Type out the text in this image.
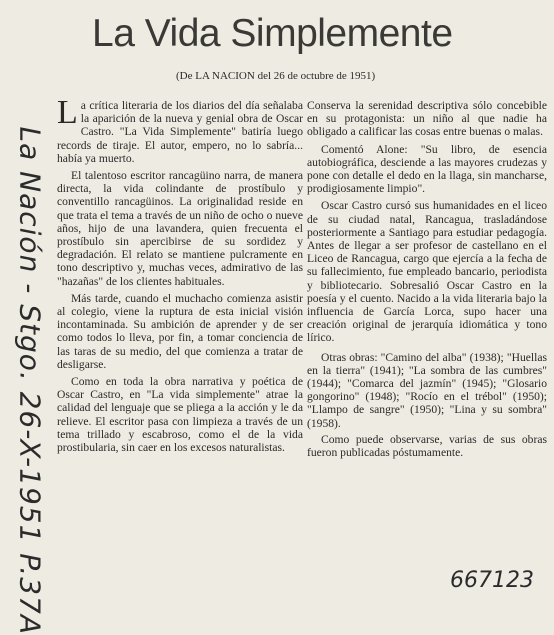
La Vida Simplemente
(De LA NACION del 26 de octubre de 1951)
La Nación - Stgo. 26-X-1951 P.37A

La crítica literaria de los diarios del día señalaba la aparición de la nueva y genial obra de Oscar Castro. "La Vida Simplemente" batiría luego records de tiraje. El autor, empero, no lo sabría... había ya muerto.

El talentoso escritor rancagüino narra, de manera directa, la vida colindante de prostíbulo y conventillo rancagüinos. La originalidad reside en que trata el tema a través de un niño de ocho o nueve años, hijo de una lavandera, quien frecuenta el prostíbulo sin apercibirse de su sordidez y degradación. El relato se mantiene pulcramente en tono descriptivo y, muchas veces, admirativo de las "hazañas" de los clientes habituales.

Más tarde, cuando el muchacho comienza asistir al colegio, viene la ruptura de esta inicial visión incontaminada. Su ambición de aprender y de ser como todos lo lleva, por fin, a tomar conciencia de las taras de su medio, del que comienza a tratar de desligarse.

Como en toda la obra narrativa y poética de Oscar Castro, en "La vida simplemente" atrae la calidad del lenguaje que se pliega a la acción y le da relieve. El escritor pasa con limpieza a través de un tema trillado y escabroso, como el de la vida prostibularia, sin caer en los excesos naturalistas.

Conserva la serenidad descriptiva sólo concebible en su protagonista: un niño al que nadie ha obligado a calificar las cosas entre buenas o malas.

Comentó Alone: "Su libro, de esencia autobiográfica, desciende a las mayores crudezas y pone con detalle el dedo en la llaga, sin mancharse, prodigiosamente limpio".

Oscar Castro cursó sus humanidades en el liceo de su ciudad natal, Rancagua, trasladándose posteriormente a Santiago para estudiar pedagogía. Antes de llegar a ser profesor de castellano en el Liceo de Rancagua, cargo que ejercía a la fecha de su fallecimiento, fue empleado bancario, periodista y bibliotecario. Sobresalió Oscar Castro en la poesía y el cuento. Nacido a la vida literaria bajo la influencia de García Lorca, supo hacer una creación original de jerarquía idiomática y tono lírico.

Otras obras: "Camino del alba" (1938); "Huellas en la tierra" (1941); "La sombra de las cumbres" (1944); "Comarca del jazmín" (1945); "Glosario gongorino" (1948); "Rocío en el trébol" (1950); "Llampo de sangre" (1950); "Lina y su sombra" (1958).

Como puede observarse, varias de sus obras fueron publicadas póstumamente.

667123
